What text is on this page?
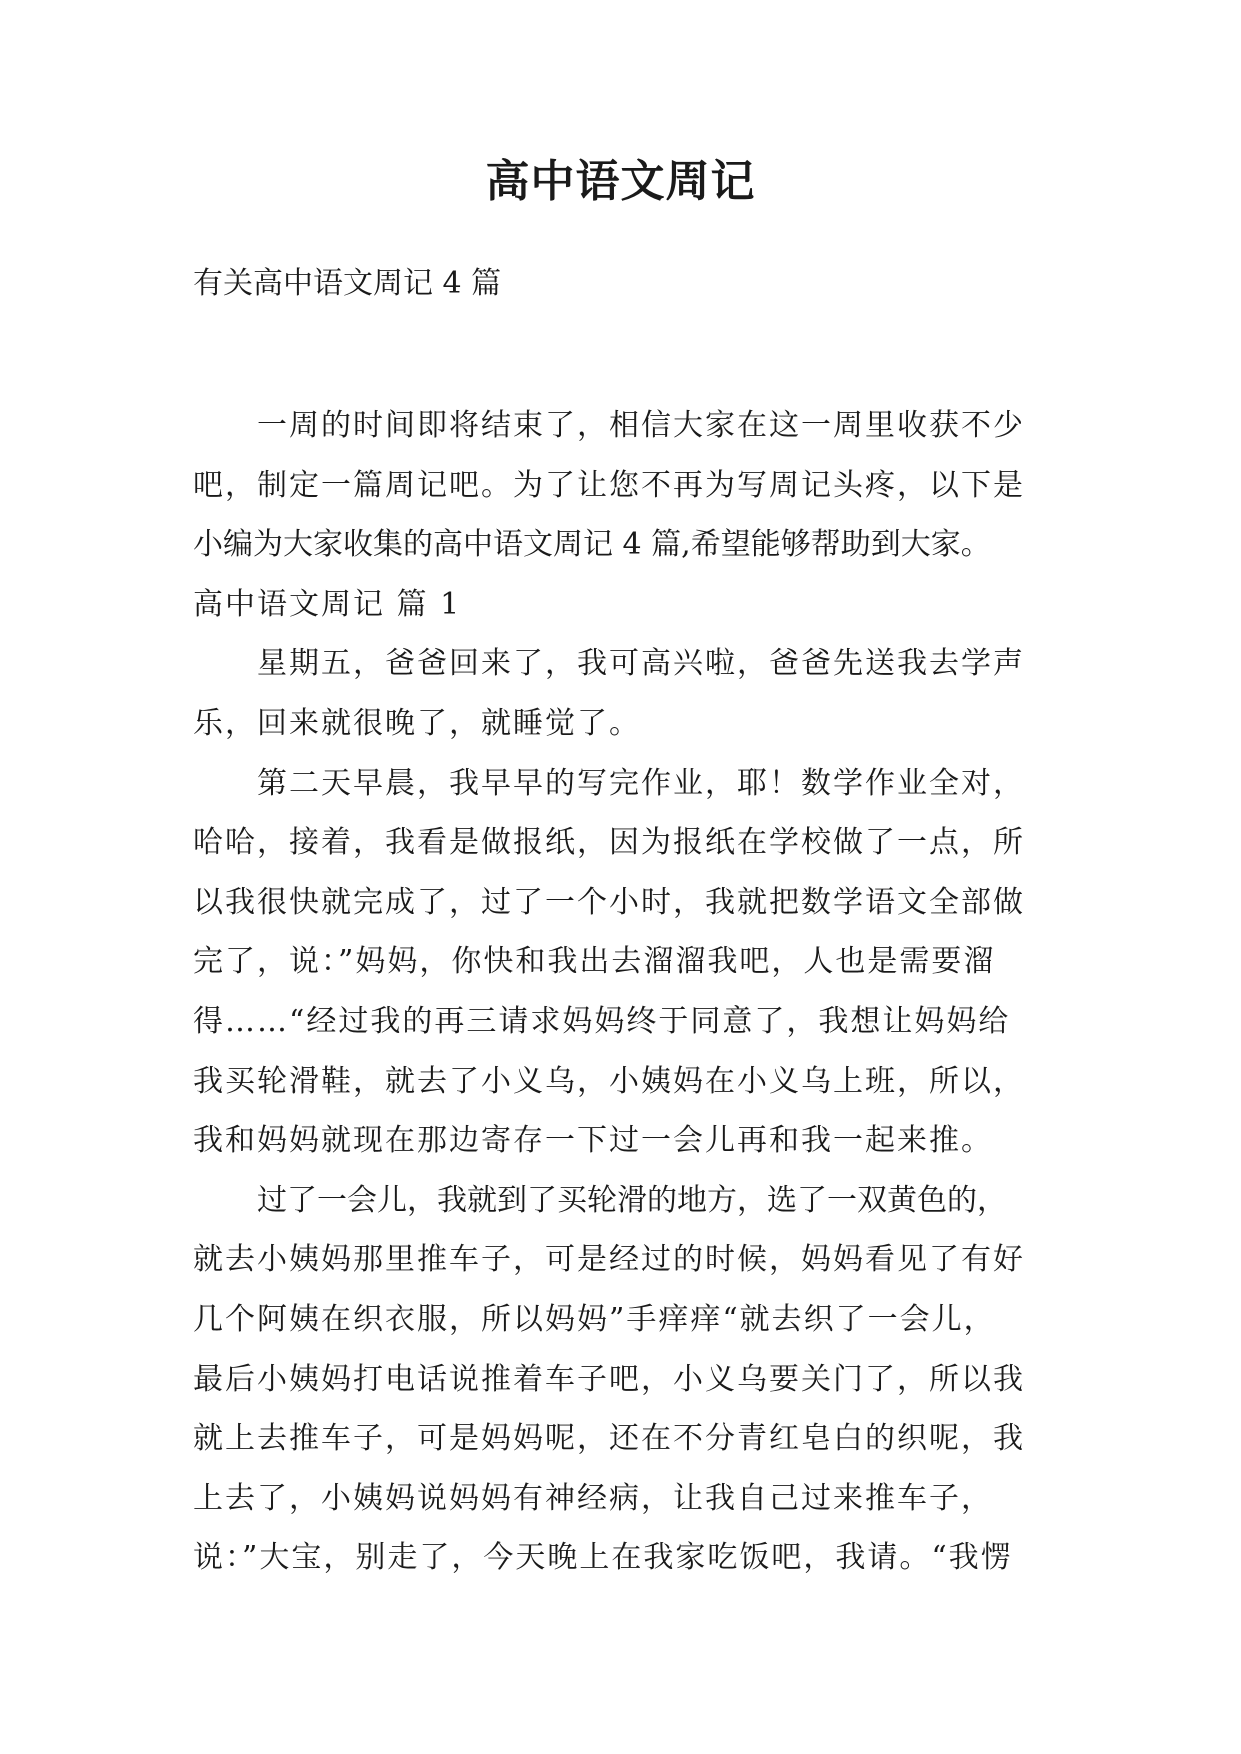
高中语文周记

有关高中语文周记 4 篇

一周的时间即将结束了，相信大家在这一周里收获不少
吧，制定一篇周记吧。为了让您不再为写周记头疼，以下是
小编为大家收集的高中语文周记 4 篇,希望能够帮助到大家。
高中语文周记 篇 1
星期五，爸爸回来了，我可高兴啦，爸爸先送我去学声
乐，回来就很晚了，就睡觉了。
第二天早晨，我早早的写完作业，耶！数学作业全对，
哈哈，接着，我看是做报纸，因为报纸在学校做了一点，所
以我很快就完成了，过了一个小时，我就把数学语文全部做
完了，说：”妈妈，你快和我出去溜溜我吧，人也是需要溜
得……“经过我的再三请求妈妈终于同意了，我想让妈妈给
我买轮滑鞋，就去了小义乌，小姨妈在小义乌上班，所以，
我和妈妈就现在那边寄存一下过一会儿再和我一起来推。
过了一会儿，我就到了买轮滑的地方，选了一双黄色的，
就去小姨妈那里推车子，可是经过的时候，妈妈看见了有好
几个阿姨在织衣服，所以妈妈”手痒痒“就去织了一会儿，
最后小姨妈打电话说推着车子吧，小义乌要关门了，所以我
就上去推车子，可是妈妈呢，还在不分青红皂白的织呢，我
上去了，小姨妈说妈妈有神经病，让我自己过来推车子，
说：”大宝，别走了，今天晚上在我家吃饭吧，我请。“我愣
